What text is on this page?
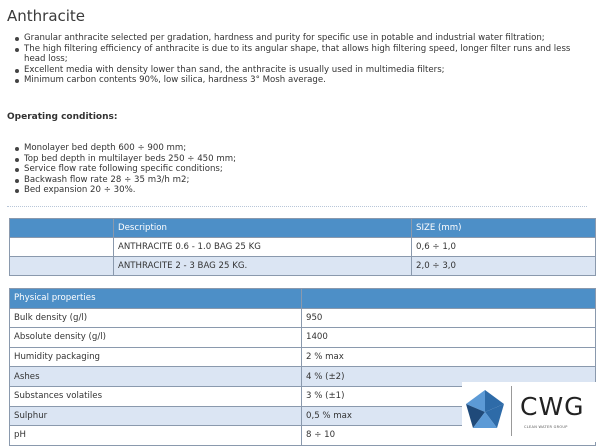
Anthracite
Granular anthracite selected per gradation, hardness and purity for specific use in potable and industrial water filtration;
The high filtering efficiency of anthracite is due to its angular shape, that allows high filtering speed, longer filter runs and less head loss;
Excellent media with density lower than sand, the anthracite is usually used in multimedia filters;
Minimum carbon contents 90%, low silica, hardness 3° Mosh average.
Operating conditions:
Monolayer bed depth 600 ÷ 900 mm;
Top bed depth in multilayer beds 250 ÷ 450 mm;
Service flow rate following specific conditions;
Backwash flow rate 28 ÷ 35 m3/h m2;
Bed expansion 20 ÷ 30%.
	Description	SIZE (mm)
	ANTHRACITE 0.6 - 1.0 BAG 25 KG	0,6 ÷ 1,0
	ANTHRACITE 2 - 3 BAG 25 KG.	2,0 ÷ 3,0
Physical properties	
Bulk density (g/l)	950
Absolute density (g/l)	1400
Humidity packaging	2 % max
Ashes	4 % (±2)
Substances volatiles	3 % (±1)
Sulphur	0,5 % max
pH	8 ÷ 10
CWG
CLEAN WATER GROUP
